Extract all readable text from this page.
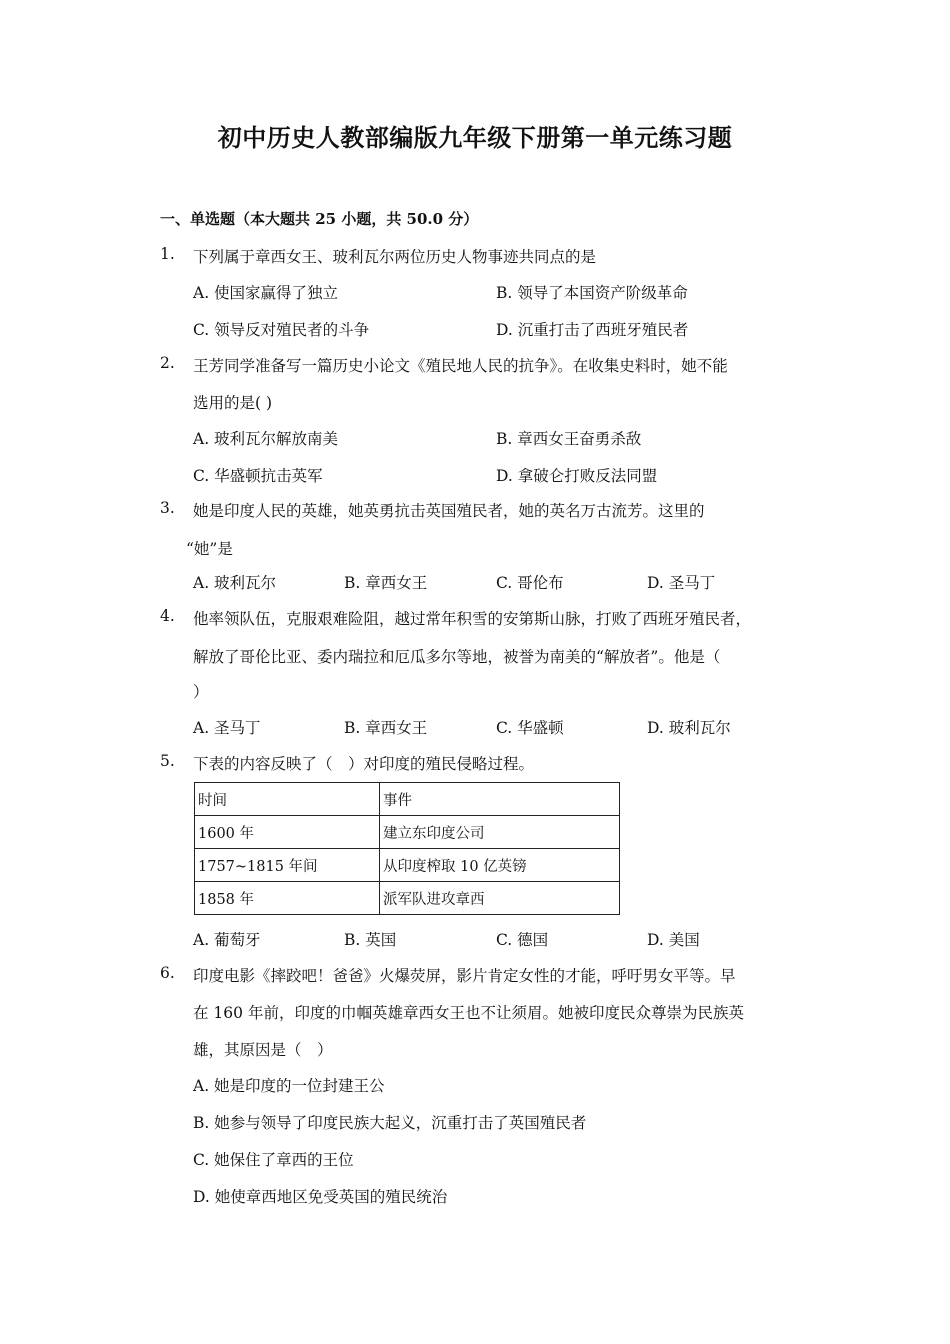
初中历史人教部编版九年级下册第一单元练习题
一、单选题（本大题共 25 小题，共 50.0 分）
1. 下列属于章西女王、玻利瓦尔两位历史人物事迹共同点的是
A. 使国家赢得了独立	B. 领导了本国资产阶级革命
C. 领导反对殖民者的斗争	D. 沉重打击了西班牙殖民者
2. 王芳同学准备写一篇历史小论文《殖民地人民的抗争》。在收集史料时，她不能
选用的是( )
A. 玻利瓦尔解放南美	B. 章西女王奋勇杀敌
C. 华盛顿抗击英军	D. 拿破仑打败反法同盟
3. 她是印度人民的英雄，她英勇抗击英国殖民者，她的英名万古流芳。这里的
“她”是
A. 玻利瓦尔	B. 章西女王	C. 哥伦布	D. 圣马丁
4. 他率领队伍，克服艰难险阻，越过常年积雪的安第斯山脉，打败了西班牙殖民者，
解放了哥伦比亚、委内瑞拉和厄瓜多尔等地，被誉为南美的“解放者”。他是（
）
A. 圣马丁	B. 章西女王	C. 华盛顿	D. 玻利瓦尔
5. 下表的内容反映了（　）对印度的殖民侵略过程。
时间	事件
1600 年	建立东印度公司
1757~1815 年间	从印度榨取 10 亿英镑
1858 年	派军队进攻章西
A. 葡萄牙	B. 英国	C. 德国	D. 美国
6. 印度电影《摔跤吧！爸爸》火爆荧屏，影片肯定女性的才能，呼吁男女平等。早
在 160 年前，印度的巾帼英雄章西女王也不让须眉。她被印度民众尊崇为民族英
雄，其原因是（　）
A. 她是印度的一位封建王公
B. 她参与领导了印度民族大起义，沉重打击了英国殖民者
C. 她保住了章西的王位
D. 她使章西地区免受英国的殖民统治
